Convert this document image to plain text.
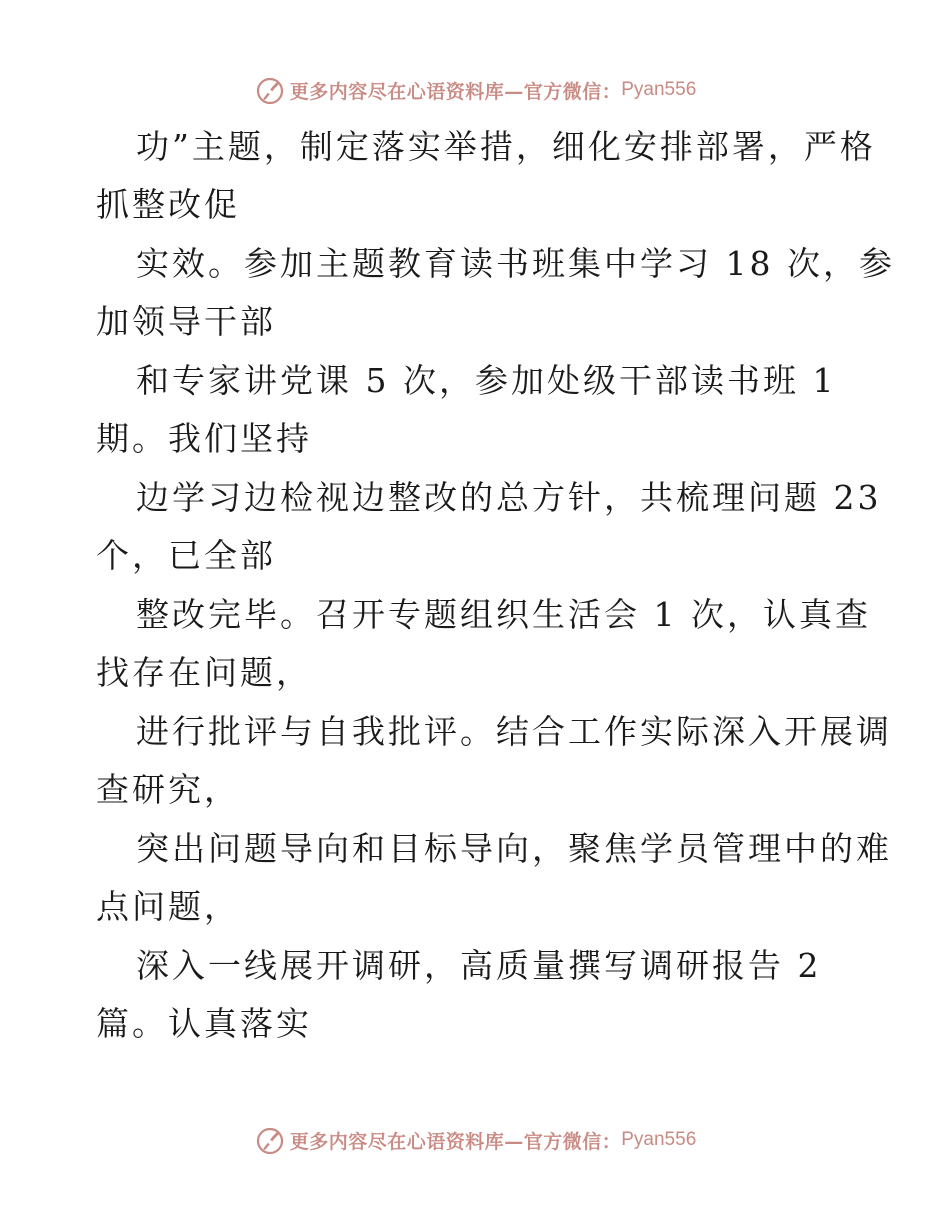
更多内容尽在心语资料库—官方微信： Pyan556
功”主题，制定落实举措，细化安排部署，严格
抓整改促
实效。参加主题教育读书班集中学习 18 次，参
加领导干部
和专家讲党课 5 次，参加处级干部读书班 1
期。我们坚持
边学习边检视边整改的总方针，共梳理问题 23
个，已全部
整改完毕。召开专题组织生活会 1 次，认真查
找存在问题，
进行批评与自我批评。结合工作实际深入开展调
查研究，
突出问题导向和目标导向，聚焦学员管理中的难
点问题，
深入一线展开调研，高质量撰写调研报告 2
篇。认真落实
更多内容尽在心语资料库—官方微信： Pyan556
